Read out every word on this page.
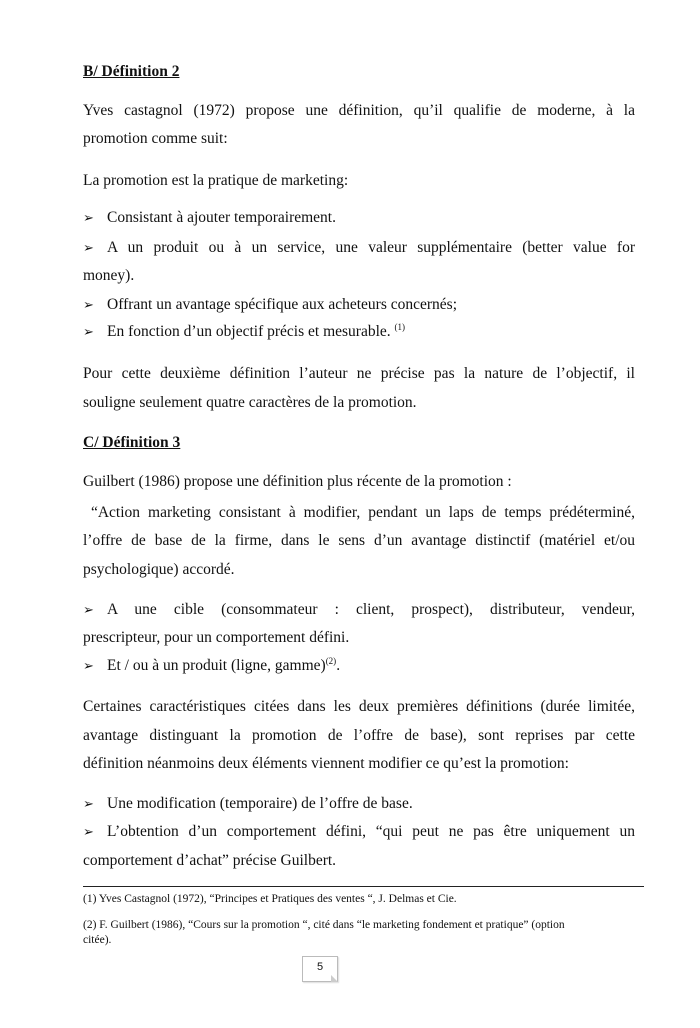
B/ Définition 2
Yves castagnol (1972) propose une définition, qu’il qualifie de moderne, à la
promotion comme suit:
La promotion est la pratique de marketing:
➢ Consistant à ajouter temporairement.
➢ A un produit ou à un service, une valeur supplémentaire (better value for
money).
➢ Offrant un avantage spécifique aux acheteurs concernés;
➢ En fonction d’un objectif précis et mesurable. $^{(1)}$
Pour cette deuxième définition l’auteur ne précise pas la nature de l’objectif, il
souligne seulement quatre caractères de la promotion.
C/ Définition 3
Guilbert (1986) propose une définition plus récente de la promotion :
“Action marketing consistant à modifier, pendant un laps de temps prédéterminé,
l’offre de base de la firme, dans le sens d’un avantage distinctif (matériel et/ou
psychologique) accordé.
➢ A une cible (consommateur : client, prospect), distributeur, vendeur,
prescripteur, pour un comportement défini.
➢ Et / ou à un produit (ligne, gamme)$^{(2)}$.
Certaines caractéristiques citées dans les deux premières définitions (durée limitée,
avantage distinguant la promotion de l’offre de base), sont reprises par cette
définition néanmoins deux éléments viennent modifier ce qu’est la promotion:
➢ Une modification (temporaire) de l’offre de base.
➢ L’obtention d’un comportement défini, “qui peut ne pas être uniquement un
comportement d’achat” précise Guilbert.
(1) Yves Castagnol (1972), “Principes et Pratiques des ventes “, J. Delmas et Cie.
(2) F. Guilbert (1986), “Cours sur la promotion “, cité dans “le marketing fondement et pratique” (option
citée).
5
